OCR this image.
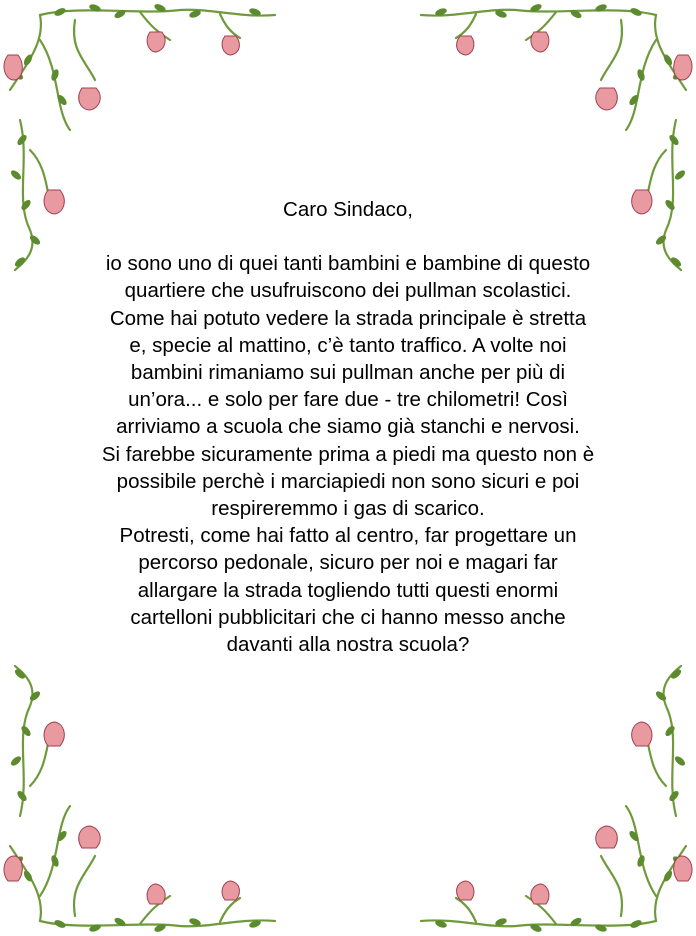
Caro Sindaco,

io sono uno di quei tanti bambini e bambine di questo
quartiere che usufruiscono dei pullman scolastici.
Come hai potuto vedere la strada principale è stretta
e, specie al mattino, c’è tanto traffico. A volte noi
bambini rimaniamo sui pullman anche per più di
un’ora... e solo per fare due - tre chilometri! Così
arriviamo a scuola che siamo già stanchi e nervosi.
Si farebbe sicuramente prima a piedi ma questo non è
possibile perchè i marciapiedi non sono sicuri e poi
respireremmo i gas di scarico.
Potresti, come hai fatto al centro, far progettare un
percorso pedonale, sicuro per noi e magari far
allargare la strada togliendo tutti questi enormi
cartelloni pubblicitari che ci hanno messo anche
davanti alla nostra scuola?
